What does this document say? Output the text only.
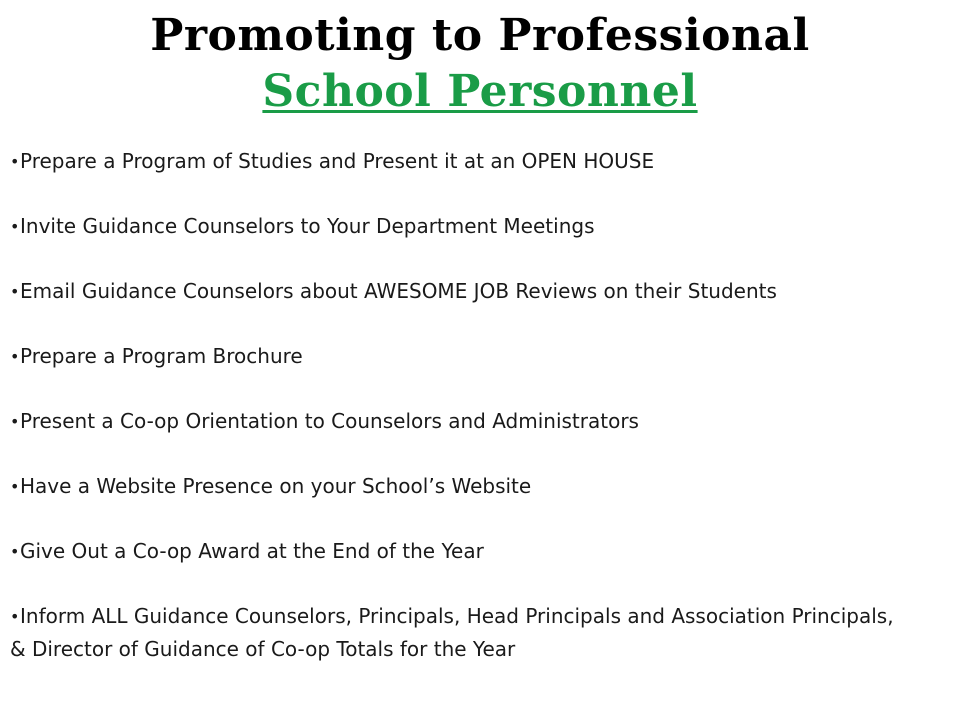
Promoting to Professional
School Personnel
•Prepare a Program of Studies and Present it at an OPEN HOUSE
•Invite Guidance Counselors to Your Department Meetings
•Email Guidance Counselors about AWESOME JOB Reviews on their Students
•Prepare a Program Brochure
•Present a Co-op Orientation to Counselors and Administrators
•Have a Website Presence on your School’s Website
•Give Out a Co-op Award at the End of the Year
•Inform ALL Guidance Counselors, Principals, Head Principals and Association Principals, & Director of Guidance of Co-op Totals for the Year
